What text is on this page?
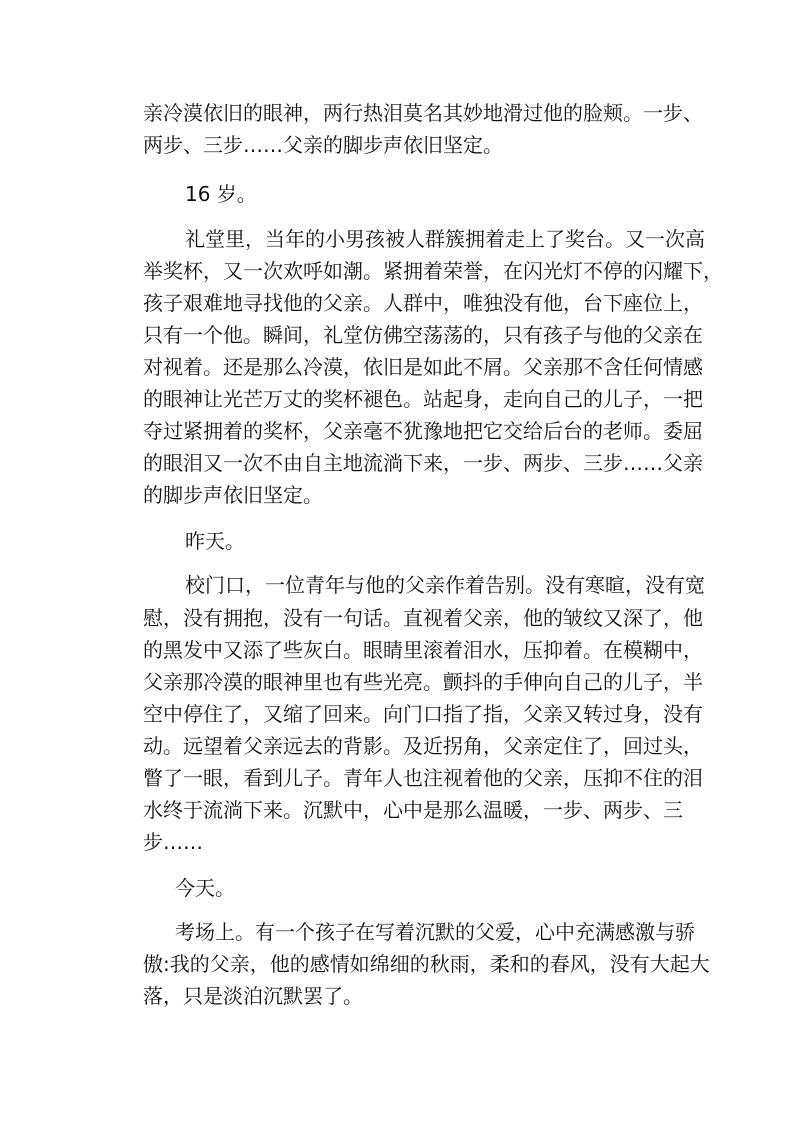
亲冷漠依旧的眼神，两行热泪莫名其妙地滑过他的脸颊。一步、
两步、三步……父亲的脚步声依旧坚定。
16 岁。
礼堂里，当年的小男孩被人群簇拥着走上了奖台。又一次高
举奖杯，又一次欢呼如潮。紧拥着荣誉，在闪光灯不停的闪耀下，
孩子艰难地寻找他的父亲。人群中，唯独没有他，台下座位上，
只有一个他。瞬间，礼堂仿佛空荡荡的，只有孩子与他的父亲在
对视着。还是那么冷漠，依旧是如此不屑。父亲那不含任何情感
的眼神让光芒万丈的奖杯褪色。站起身，走向自己的儿子，一把
夺过紧拥着的奖杯，父亲毫不犹豫地把它交给后台的老师。委屈
的眼泪又一次不由自主地流淌下来，一步、两步、三步……父亲
的脚步声依旧坚定。
昨天。
校门口，一位青年与他的父亲作着告别。没有寒暄，没有宽
慰，没有拥抱，没有一句话。直视着父亲，他的皱纹又深了，他
的黑发中又添了些灰白。眼睛里滚着泪水，压抑着。在模糊中，
父亲那冷漠的眼神里也有些光亮。颤抖的手伸向自己的儿子，半
空中停住了，又缩了回来。向门口指了指，父亲又转过身，没有
动。远望着父亲远去的背影。及近拐角，父亲定住了，回过头，
瞥了一眼，看到儿子。青年人也注视着他的父亲，压抑不住的泪
水终于流淌下来。沉默中，心中是那么温暖，一步、两步、三
步……
今天。
考场上。有一个孩子在写着沉默的父爱，心中充满感激与骄
傲:我的父亲，他的感情如绵细的秋雨，柔和的春风，没有大起大
落，只是淡泊沉默罢了。
